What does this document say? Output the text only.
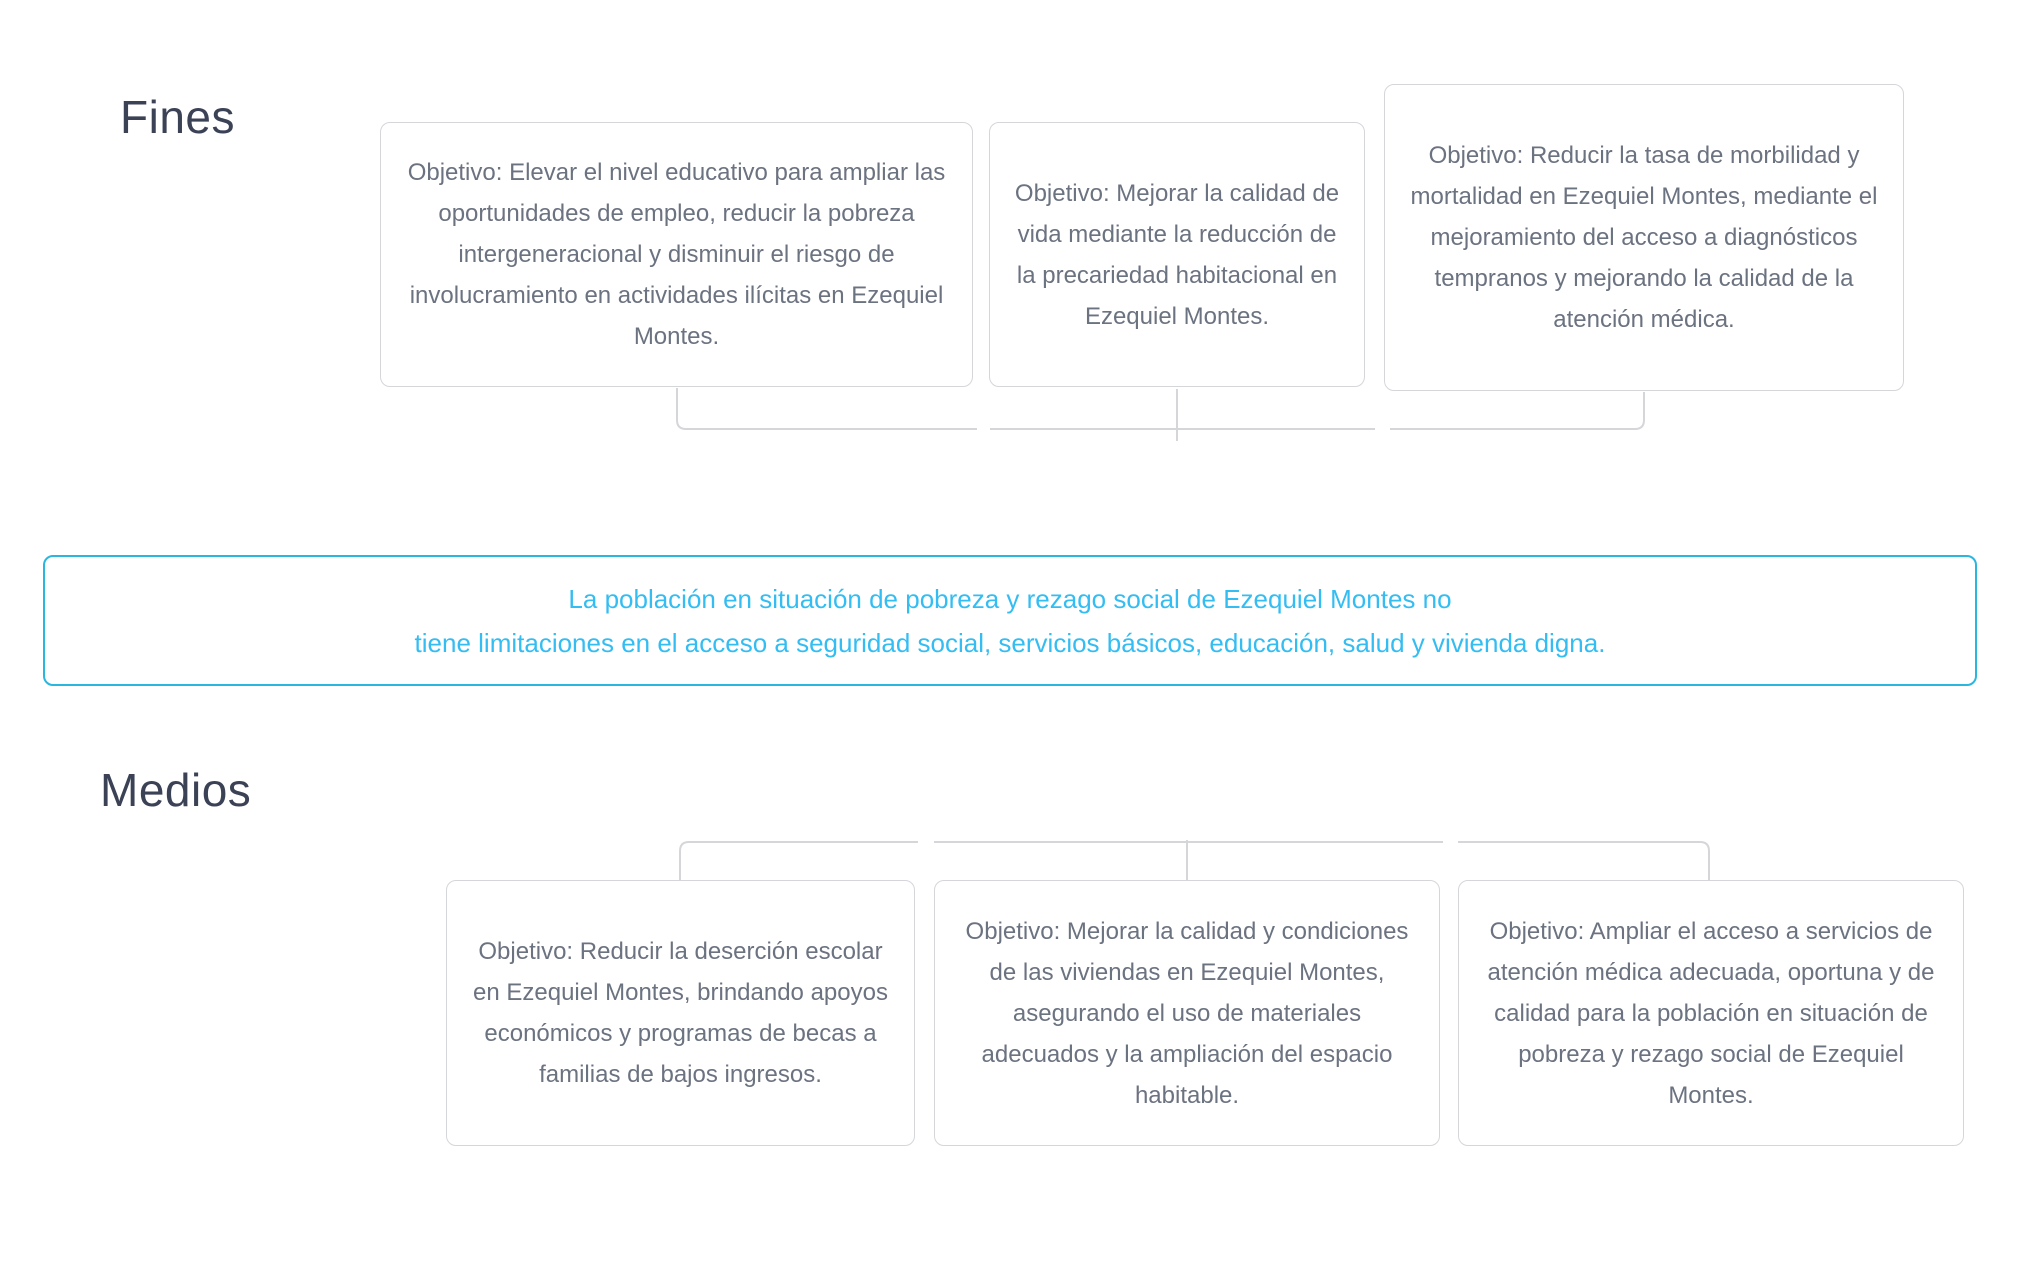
Fines
Medios
Objetivo: Elevar el nivel educativo para ampliar las oportunidades de empleo, reducir la pobreza intergeneracional y disminuir el riesgo de involucramiento en actividades ilícitas en Ezequiel Montes.
Objetivo: Mejorar la calidad de vida mediante la reducción de la precariedad habitacional en Ezequiel Montes.
Objetivo: Reducir la tasa de morbilidad y mortalidad en Ezequiel Montes, mediante el mejoramiento del acceso a diagnósticos tempranos y mejorando la calidad de la atención médica.
La población en situación de pobreza y rezago social de Ezequiel Montes no
tiene limitaciones en el acceso a seguridad social, servicios básicos, educación, salud y vivienda digna.
Objetivo: Reducir la deserción escolar en Ezequiel Montes, brindando apoyos económicos y programas de becas a familias de bajos ingresos.
Objetivo: Mejorar la calidad y condiciones de las viviendas en Ezequiel Montes, asegurando el uso de materiales adecuados y la ampliación del espacio habitable.
Objetivo: Ampliar el acceso a servicios de atención médica adecuada, oportuna y de calidad para la población en situación de pobreza y rezago social de Ezequiel Montes.
